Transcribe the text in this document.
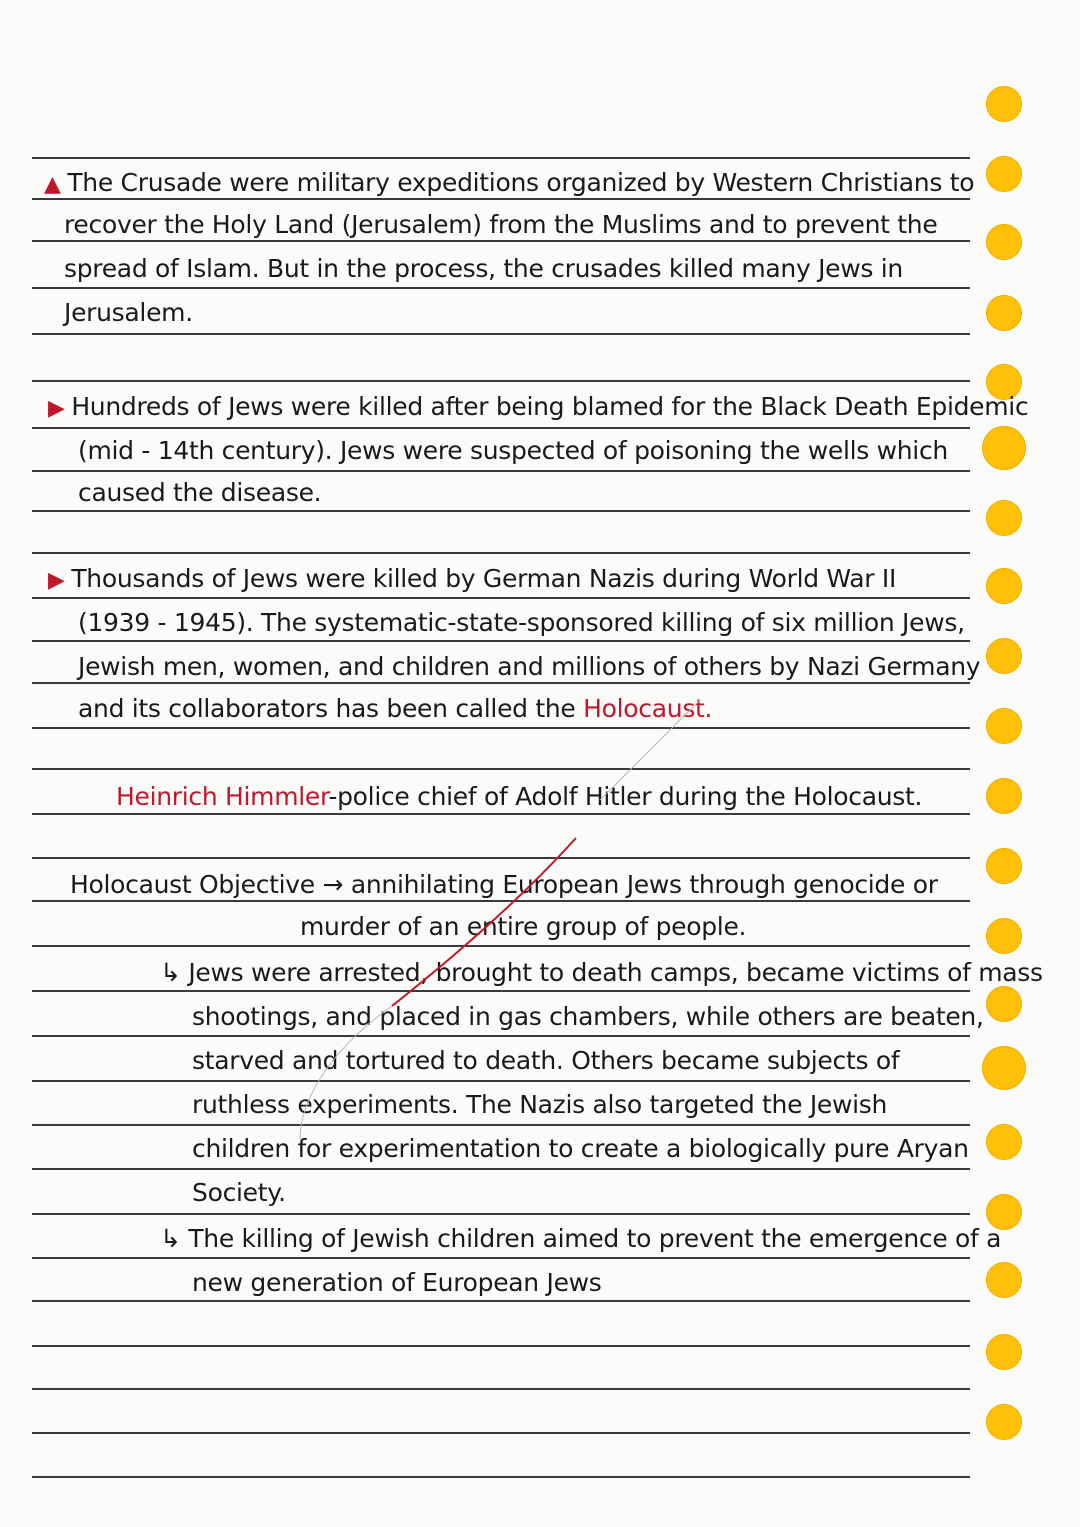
▲ The Crusade were military expeditions organized by Western Christians to
recover the Holy Land (Jerusalem) from the Muslims and to prevent the
spread of Islam. But in the process, the crusades killed many Jews in
Jerusalem.
▶ Hundreds of Jews were killed after being blamed for the Black Death Epidemic
(mid - 14th century). Jews were suspected of poisoning the wells which
caused the disease.
▶ Thousands of Jews were killed by German Nazis during World War II
(1939 - 1945). The systematic-state-sponsored killing of six million Jews,
Jewish men, women, and children and millions of others by Nazi Germany
and its collaborators has been called the Holocaust.
Heinrich Himmler-police chief of Adolf Hitler during the Holocaust.
Holocaust Objective → annihilating European Jews through genocide or
murder of an entire group of people.
↳ Jews were arrested, brought to death camps, became victims of mass
shootings, and placed in gas chambers, while others are beaten,
starved and tortured to death. Others became subjects of
ruthless experiments. The Nazis also targeted the Jewish
children for experimentation to create a biologically pure Aryan
Society.
↳ The killing of Jewish children aimed to prevent the emergence of a
new generation of European Jews
